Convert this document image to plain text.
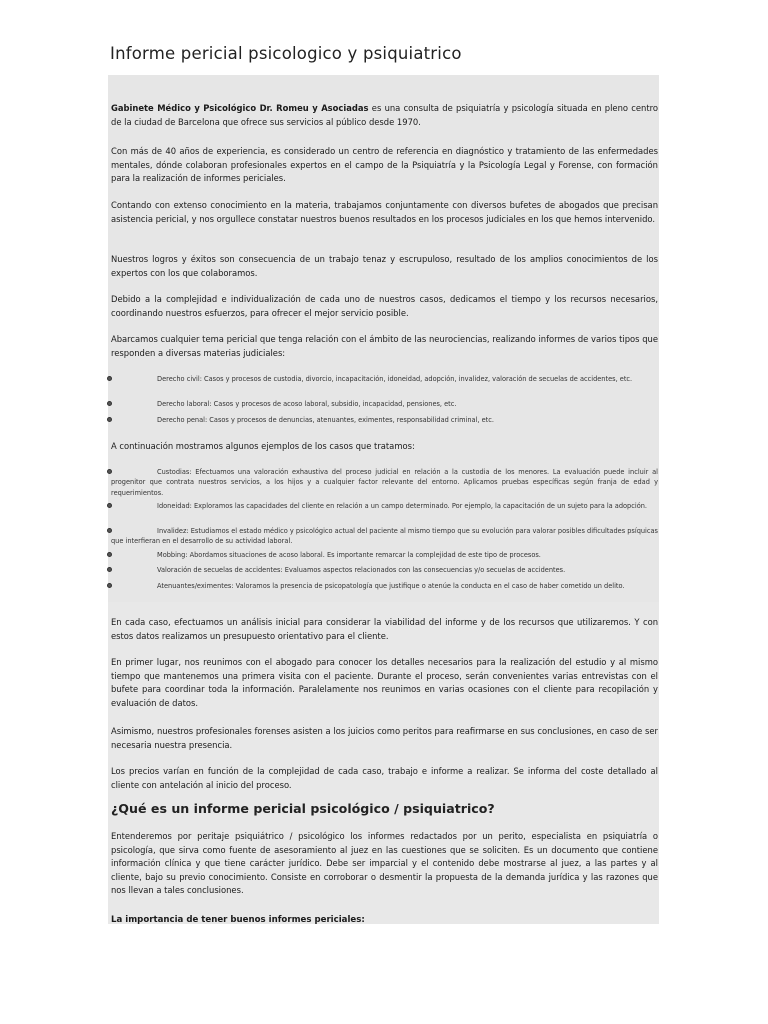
Informe pericial psicologico y psiquiatrico
Gabinete Médico y Psicológico Dr. Romeu y Asociadas es una consulta de psiquiatría y psicología situada en pleno centro de la ciudad de Barcelona que ofrece sus servicios al público desde 1970.
Con más de 40 años de experiencia, es considerado un centro de referencia en diagnóstico y tratamiento de las enfermedades mentales, dónde colaboran profesionales expertos en el campo de la Psiquiatría y la Psicología Legal y Forense, con formación para la realización de informes periciales.
Contando con extenso conocimiento en la materia, trabajamos conjuntamente con diversos bufetes de abogados que precisan asistencia pericial, y nos orgullece constatar nuestros buenos resultados en los procesos judiciales en los que hemos intervenido.
Nuestros logros y éxitos son consecuencia de un trabajo tenaz y escrupuloso, resultado de los amplios conocimientos de los expertos con los que colaboramos.
Debido a la complejidad e individualización de cada uno de nuestros casos, dedicamos el tiempo y los recursos necesarios, coordinando nuestros esfuerzos, para ofrecer el mejor servicio posible.
Abarcamos cualquier tema pericial que tenga relación con el ámbito de las neurociencias, realizando informes de varios tipos que responden a diversas materias judiciales:
Derecho civil: Casos y procesos de custodia, divorcio, incapacitación, idoneidad, adopción, invalidez, valoración de secuelas de accidentes, etc.
Derecho laboral: Casos y procesos de acoso laboral, subsidio, incapacidad, pensiones, etc.
Derecho penal: Casos y procesos de denuncias, atenuantes, eximentes, responsabilidad criminal, etc.
A continuación mostramos algunos ejemplos de los casos que tratamos:
Custodias: Efectuamos una valoración exhaustiva del proceso judicial en relación a la custodia de los menores. La evaluación puede incluir al progenitor que contrata nuestros servicios, a los hijos y a cualquier factor relevante del entorno. Aplicamos pruebas específicas según franja de edad y requerimientos.
Idoneidad: Exploramos las capacidades del cliente en relación a un campo determinado. Por ejemplo, la capacitación de un sujeto para la adopción.
Invalidez: Estudiamos el estado médico y psicológico actual del paciente al mismo tiempo que su evolución para valorar posibles dificultades psíquicas que interfieran en el desarrollo de su actividad laboral.
Mobbing: Abordamos situaciones de acoso laboral. Es importante remarcar la complejidad de este tipo de procesos.
Valoración de secuelas de accidentes: Evaluamos aspectos relacionados con las consecuencias y/o secuelas de accidentes.
Atenuantes/eximentes: Valoramos la presencia de psicopatología que justifique o atenúe la conducta en el caso de haber cometido un delito.
En cada caso, efectuamos un análisis inicial para considerar la viabilidad del informe y de los recursos que utilizaremos. Y con estos datos realizamos un presupuesto orientativo para el cliente.
En primer lugar, nos reunimos con el abogado para conocer los detalles necesarios para la realización del estudio y al mismo tiempo que mantenemos una primera visita con el paciente. Durante el proceso, serán convenientes varias entrevistas con el bufete para coordinar toda la información. Paralelamente nos reunimos en varias ocasiones con el cliente para recopilación y evaluación de datos.
Asimismo, nuestros profesionales forenses asisten a los juicios como peritos para reafirmarse en sus conclusiones, en caso de ser necesaria nuestra presencia.
Los precios varían en función de la complejidad de cada caso, trabajo e informe a realizar. Se informa del coste detallado al cliente con antelación al inicio del proceso.
¿Qué es un informe pericial psicológico / psiquiatrico?
Entenderemos por peritaje psiquiátrico / psicológico los informes redactados por un perito, especialista en psiquiatría o psicología, que sirva como fuente de asesoramiento al juez en las cuestiones que se soliciten. Es un documento que contiene información clínica y que tiene carácter jurídico. Debe ser imparcial y el contenido debe mostrarse al juez, a las partes y al cliente, bajo su previo conocimiento. Consiste en corroborar o desmentir la propuesta de la demanda jurídica y las razones que nos llevan a tales conclusiones.
La importancia de tener buenos informes periciales:
